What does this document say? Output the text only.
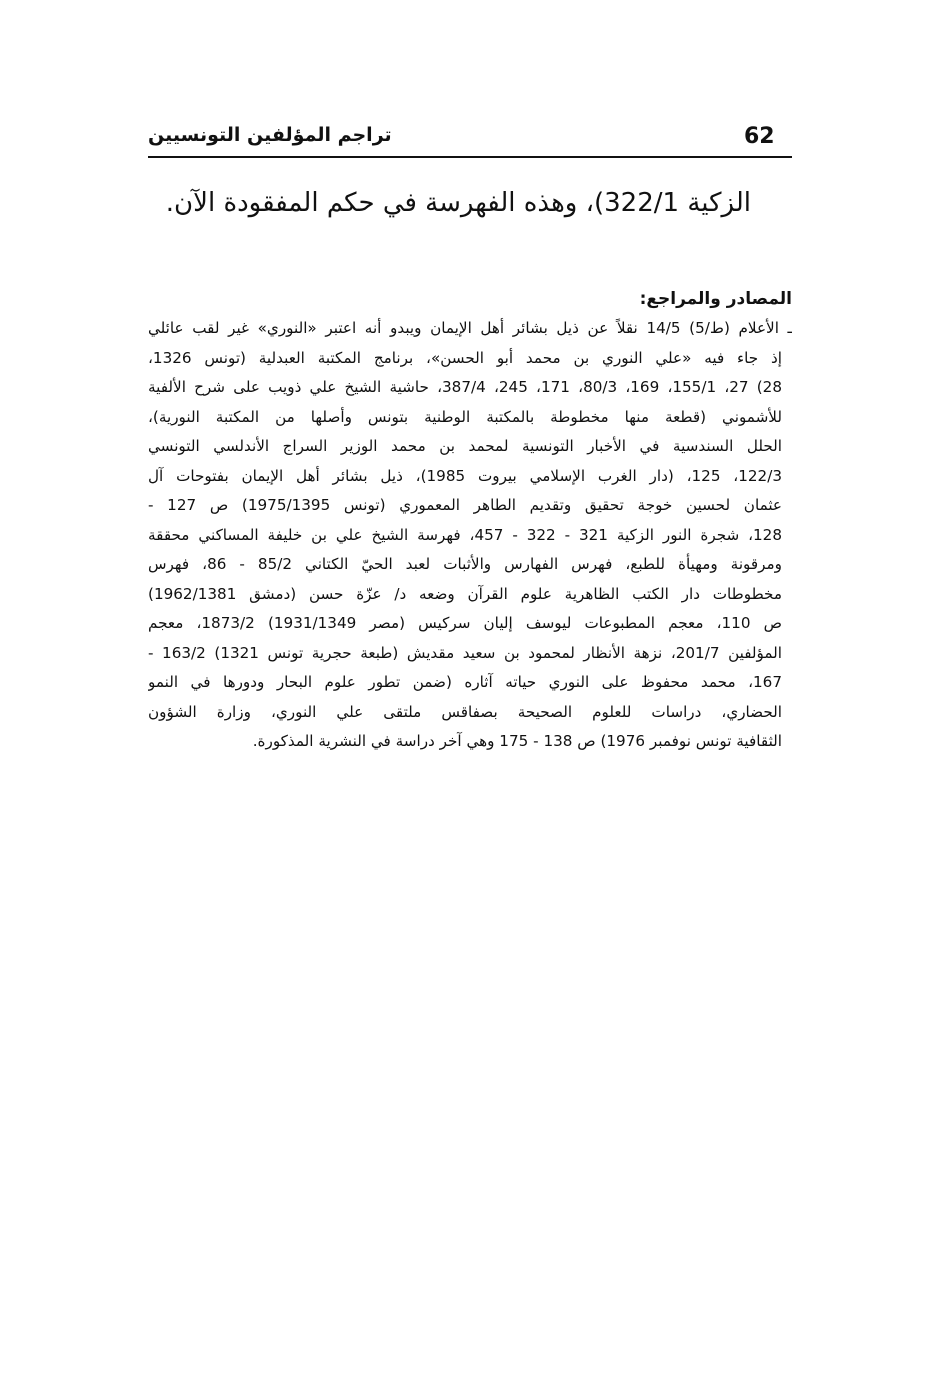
62
تراجم المؤلفين التونسيين
الزكية 322/1)، وهذه الفهرسة في حكم المفقودة الآن.
المصادر والمراجع:
ـ الأعلام (ط/5) 14/5 نقلاً عن ذيل بشائر أهل الإيمان ويبدو أنه اعتبر «النوري» غير لقب عائلي
إذ جاء فيه «علي النوري بن محمد أبو الحسن»، برنامج المكتبة العبدلية (تونس 1326،
28) 27، 155/1، 169، 80/3، 171، 245، 387/4، حاشية الشيخ علي ذويب على شرح الألفية
للأشموني (قطعة منها مخطوطة بالمكتبة الوطنية بتونس وأصلها من المكتبة النورية)،
الحلل السندسية في الأخبار التونسية لمحمد بن محمد الوزير السراج الأندلسي التونسي
122/3، 125، (دار الغرب الإسلامي بيروت 1985)، ذيل بشائر أهل الإيمان بفتوحات آل
عثمان لحسين خوجة تحقيق وتقديم الطاهر المعموري (تونس 1975/1395) ص 127 -
128، شجرة النور الزكية 321 - 322 - 457، فهرسة الشيخ علي بن خليفة المساكني محققة
ومرقونة ومهيأة للطبع، فهرس الفهارس والأثبات لعبد الحيّ الكتاني 85/2 - 86، فهرس
مخطوطات دار الكتب الظاهرية علوم القرآن وضعه د/ عزّة حسن (دمشق 1962/1381)
ص 110، معجم المطبوعات ليوسف إليان سركيس (مصر 1931/1349) 1873/2، معجم
المؤلفين 201/7، نزهة الأنظار لمحمود بن سعيد مقديش (طبعة حجرية تونس 1321) 163/2 -
167، محمد محفوظ على النوري حياته آثاره (ضمن تطور علوم البحار ودورها في النمو
الحضاري، دراسات للعلوم الصحيحة بصفاقس ملتقى علي النوري، وزارة الشؤون
الثقافية تونس نوفمبر 1976) ص 138 - 175 وهي آخر دراسة في النشرية المذكورة.
